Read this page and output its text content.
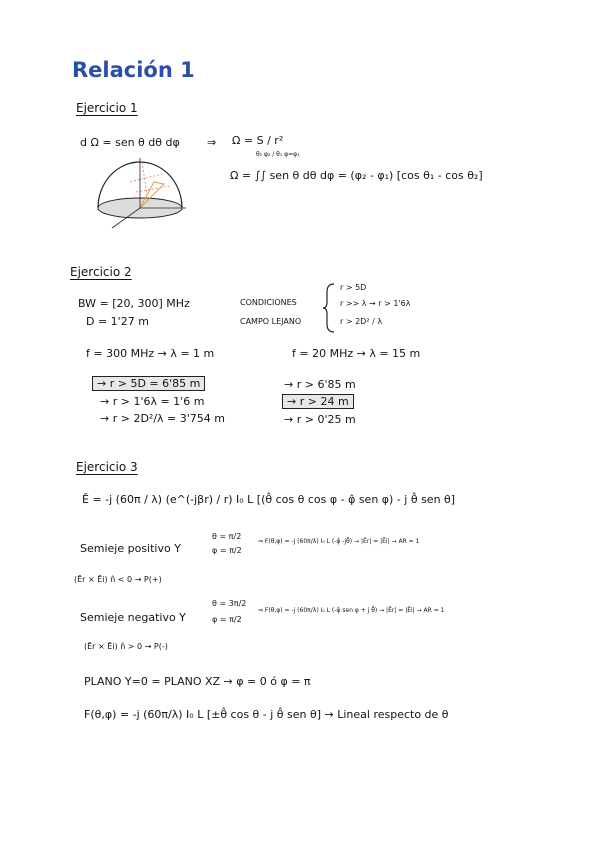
Relación 1
Ejercicio 1
d Ω = sen θ dθ dφ ⇒ Ω = S / r²
θ₂ φ₂ / θ₁ φ=φ₁
Ω = ∫∫ sen θ dθ dφ = (φ₂ - φ₁) [cos θ₁ - cos θ₂]
Ejercicio 2
BW = [20, 300] MHz
D = 1'27 m
CONDICIONES
CAMPO LEJANO
r > 5D
r >> λ → r > 1'6λ
r > 2D² / λ
f = 300 MHz → λ = 1 m	f = 20 MHz → λ = 15 m
→ r > 5D = 6'85 m
→ r > 1'6λ = 1'6 m
→ r > 2D²/λ = 3'754 m
→ r > 6'85 m
→ r > 24 m
→ r > 0'25 m
Ejercicio 3
Ē = -j (60π / λ) (e^(-jβr) / r) I₀ L [(θ̂ cos θ cos φ - φ̂ sen φ) - j θ̂ sen θ]
Semieje positivo Y
θ = π/2
φ = π/2
⇒ F(θ,φ) = -j (60π/λ) I₀ L (-φ̂ -jθ̂) → |Ēr| = |Ēi| → AR = 1
(Ēr × Ēi) n̂ < 0 → P(+)
Semieje negativo Y
θ = 3π/2
φ = π/2
⇒ F(θ,φ) = -j (60π/λ) I₀ L (-φ̂ sen φ + j θ̂) → |Ēr| = |Ēi| → AR = 1
(Ēr × Ēi) n̂ > 0 → P(-)
PLANO Y=0 = PLANO XZ → φ = 0 ó φ = π
F(θ,φ) = -j (60π/λ) I₀ L [±θ̂ cos θ - j θ̂ sen θ] → Lineal respecto de θ
